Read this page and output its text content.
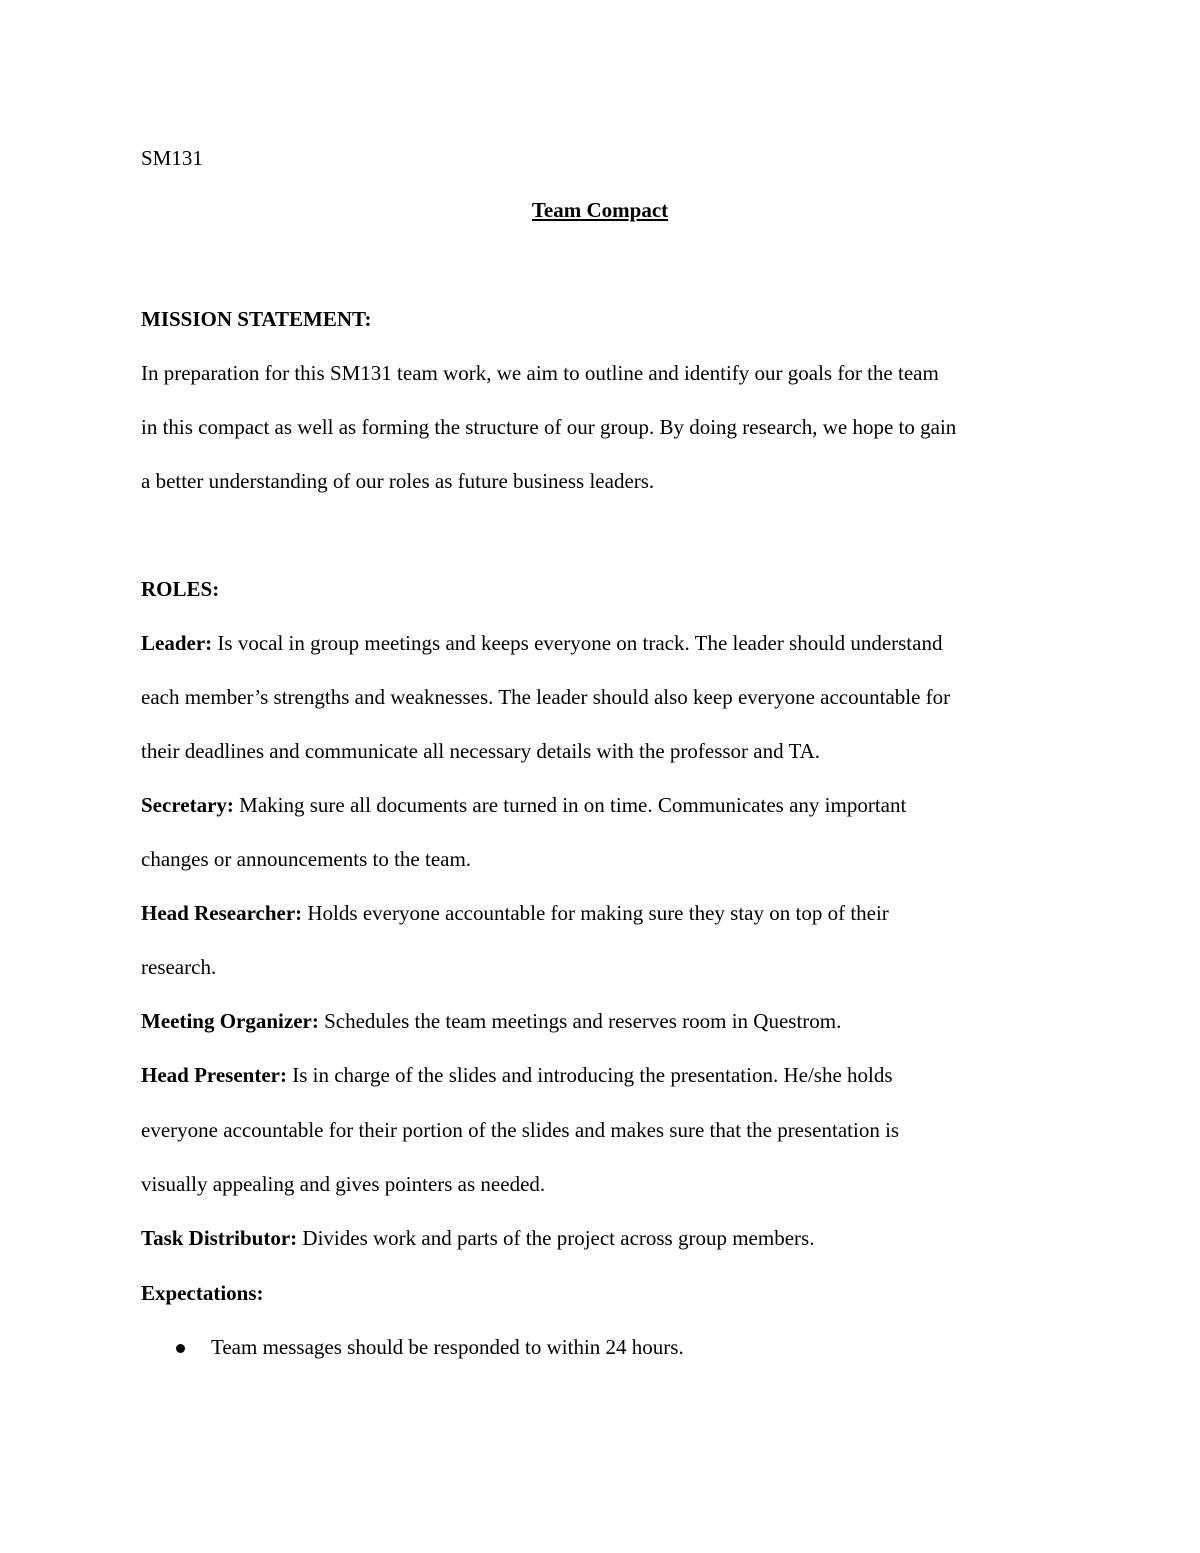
SM131
Team Compact
MISSION STATEMENT:
In preparation for this SM131 team work, we aim to outline and identify our goals for the team
in this compact as well as forming the structure of our group. By doing research, we hope to gain
a better understanding of our roles as future business leaders.
ROLES:
Leader: Is vocal in group meetings and keeps everyone on track. The leader should understand
each member’s strengths and weaknesses. The leader should also keep everyone accountable for
their deadlines and communicate all necessary details with the professor and TA.
Secretary: Making sure all documents are turned in on time. Communicates any important
changes or announcements to the team.
Head Researcher: Holds everyone accountable for making sure they stay on top of their
research.
Meeting Organizer: Schedules the team meetings and reserves room in Questrom.
Head Presenter: Is in charge of the slides and introducing the presentation. He/she holds
everyone accountable for their portion of the slides and makes sure that the presentation is
visually appealing and gives pointers as needed.
Task Distributor: Divides work and parts of the project across group members.
Expectations:
Team messages should be responded to within 24 hours.
